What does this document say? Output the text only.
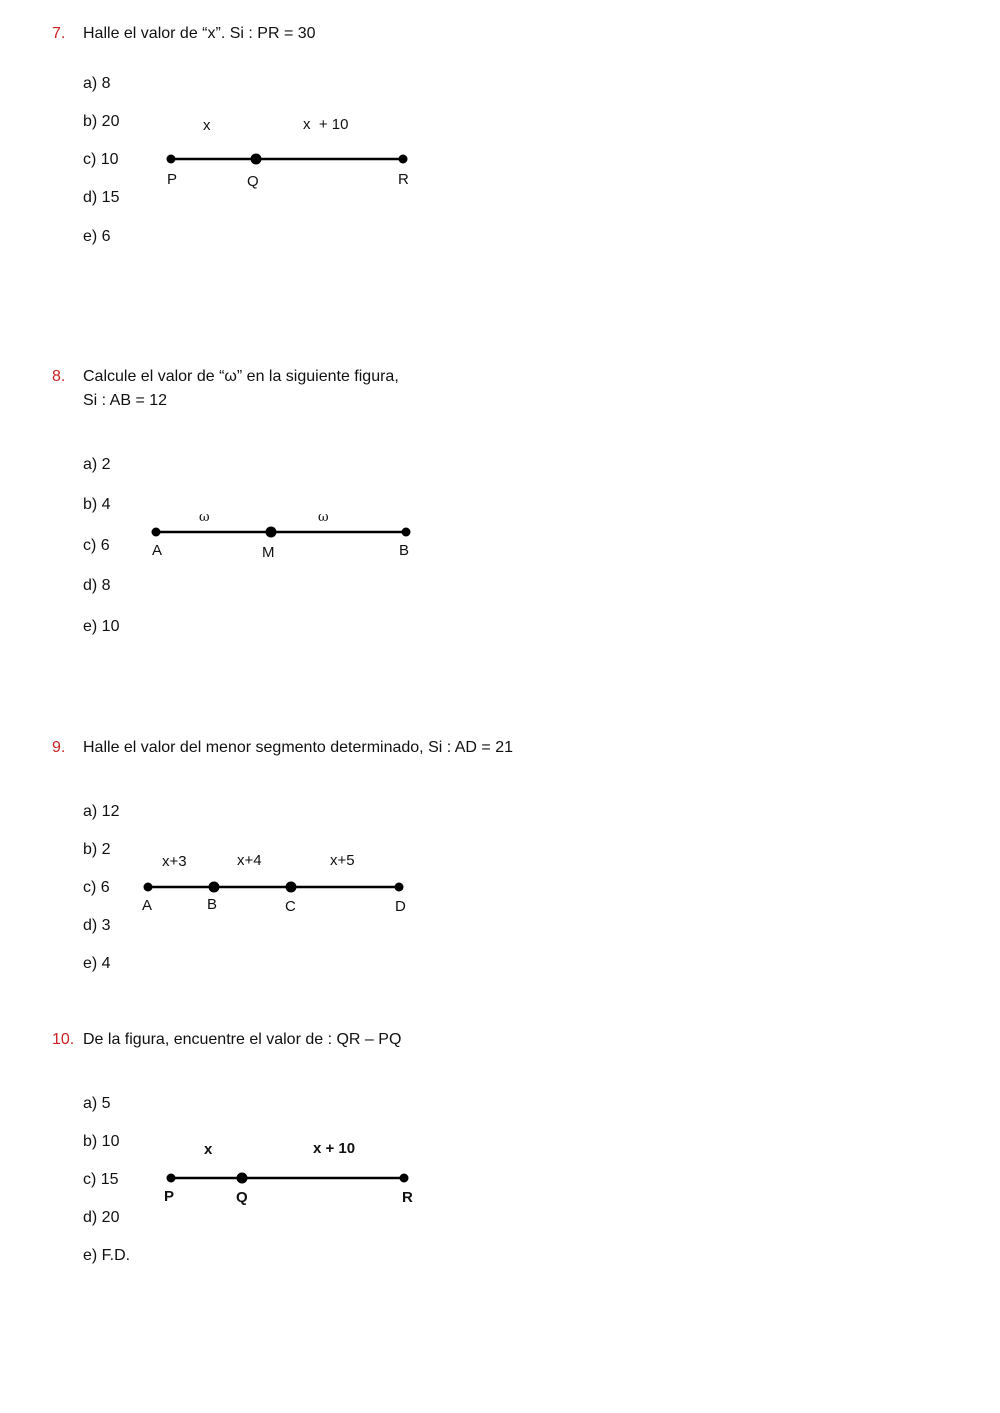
7. Halle el valor de “x”. Si : PR = 30
a) 8
b) 20
c) 10
d) 15
e) 6
x	x  + 10
P	Q	R
8. Calcule el valor de “ω” en la siguiente figura,
Si : AB = 12
a) 2
b) 4
c) 6
d) 8
e) 10
ω	ω
A	M	B
9. Halle el valor del menor segmento determinado, Si : AD = 21
a) 12
b) 2
c) 6
d) 3
e) 4
x+3	x+4	x+5
A	B	C	D
10. De la figura, encuentre el valor de : QR – PQ
a) 5
b) 10
c) 15
d) 20
e) F.D.
x	x + 10
P	Q	R
